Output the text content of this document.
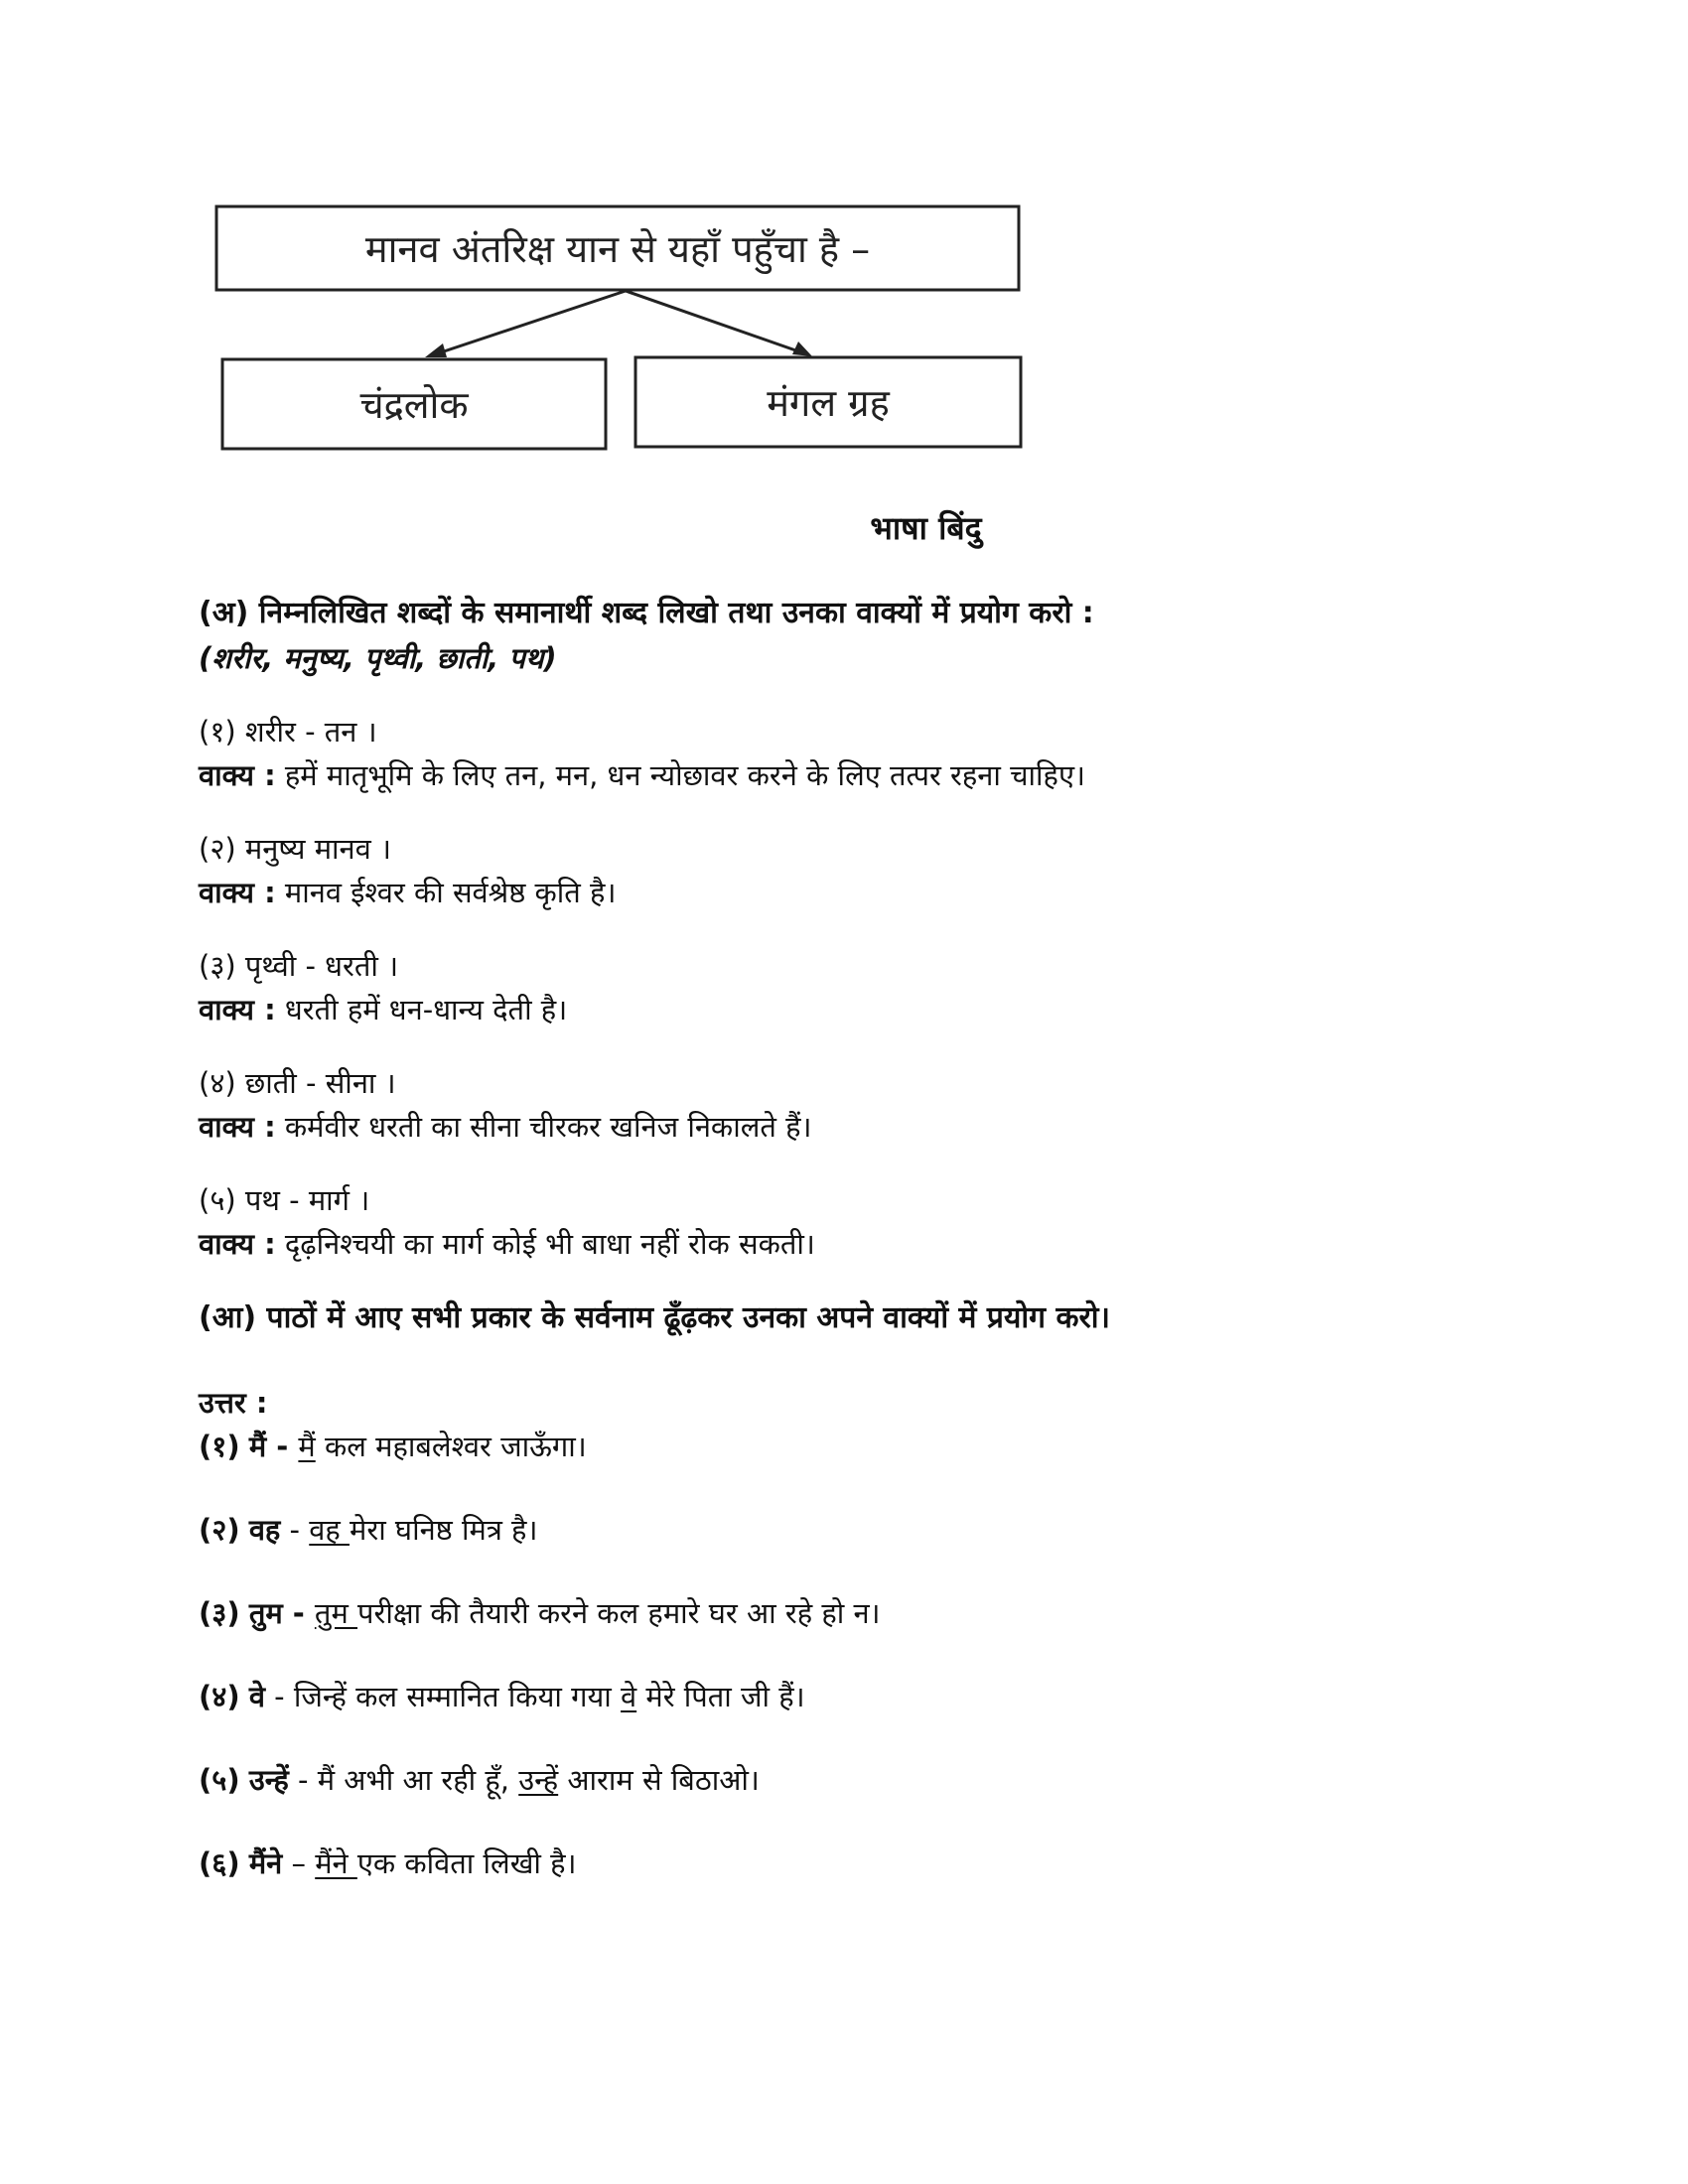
मानव अंतरिक्ष यान से यहाँ पहुँचा है –
चंद्रलोक	मंगल ग्रह
भाषा बिंदु

(अ) निम्नलिखित शब्दों के समानार्थी शब्द लिखो तथा उनका वाक्यों में प्रयोग करो :

(शरीर, मनुष्य, पृथ्वी, छाती, पथ)

(१) शरीर - तन ।

वाक्य : हमें मातृभूमि के लिए तन, मन, धन न्योछावर करने के लिए तत्पर रहना चाहिए।

(२) मनुष्य मानव ।

वाक्य : मानव ईश्वर की सर्वश्रेष्ठ कृति है।

(३) पृथ्वी - धरती ।

वाक्य : धरती हमें धन-धान्य देती है।

(४) छाती - सीना ।

वाक्य : कर्मवीर धरती का सीना चीरकर खनिज निकालते हैं।

(५) पथ - मार्ग ।

वाक्य : दृढ़निश्चयी का मार्ग कोई भी बाधा नहीं रोक सकती।

(आ) पाठों में आए सभी प्रकार के सर्वनाम ढूँढ़कर उनका अपने वाक्यों में प्रयोग करो।

उत्तर :

(१) मैं - मैं कल महाबलेश्वर जाऊँगा।

(२) वह - वह मेरा घनिष्ठ मित्र है।

(३) तुम - तुम परीक्षा की तैयारी करने कल हमारे घर आ रहे हो न।

(४) वे - जिन्हें कल सम्मानित किया गया वे मेरे पिता जी हैं।

(५) उन्हें - मैं अभी आ रही हूँ, उन्हें आराम से बिठाओ।

(६) मैंने – मैंने एक कविता लिखी है।
